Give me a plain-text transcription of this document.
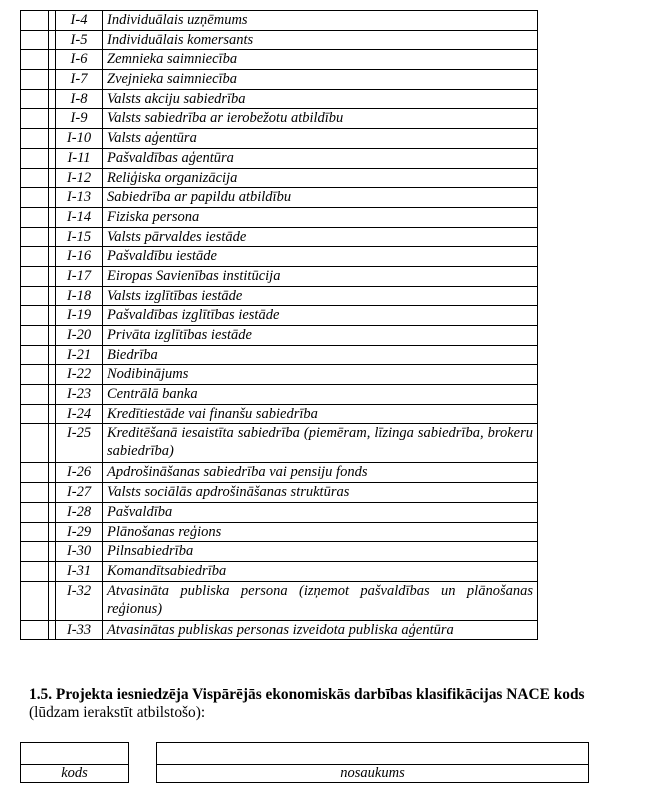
		I-4	Individuālais uzņēmums
		I-5	Individuālais komersants
		I-6	Zemnieka saimniecība
		I-7	Zvejnieka saimniecība
		I-8	Valsts akciju sabiedrība
		I-9	Valsts sabiedrība ar ierobežotu atbildību
		I-10	Valsts aģentūra
		I-11	Pašvaldības aģentūra
		I-12	Reliģiska organizācija
		I-13	Sabiedrība ar papildu atbildību
		I-14	Fiziska persona
		I-15	Valsts pārvaldes iestāde
		I-16	Pašvaldību iestāde
		I-17	Eiropas Savienības institūcija
		I-18	Valsts izglītības iestāde
		I-19	Pašvaldības izglītības iestāde
		I-20	Privāta izglītības iestāde
		I-21	Biedrība
		I-22	Nodibinājums
		I-23	Centrālā banka
		I-24	Kredītiestāde vai finanšu sabiedrība
		I-25	Kreditēšanā iesaistīta sabiedrība (piemēram, līzinga sabiedrība, brokeru sabiedrība)
		I-26	Apdrošināšanas sabiedrība vai pensiju fonds
		I-27	Valsts sociālās apdrošināšanas struktūras
		I-28	Pašvaldība
		I-29	Plānošanas reģions
		I-30	Pilnsabiedrība
		I-31	Komandītsabiedrība
		I-32	Atvasināta publiska persona (izņemot pašvaldības un plānošanas reģionus)
		I-33	Atvasinātas publiskas personas izveidota publiska aģentūra
1.5. Projekta iesniedzēja Vispārējās ekonomiskās darbības klasifikācijas NACE kods
(lūdzam ierakstīt atbilstošo):

kods	nosaukums
